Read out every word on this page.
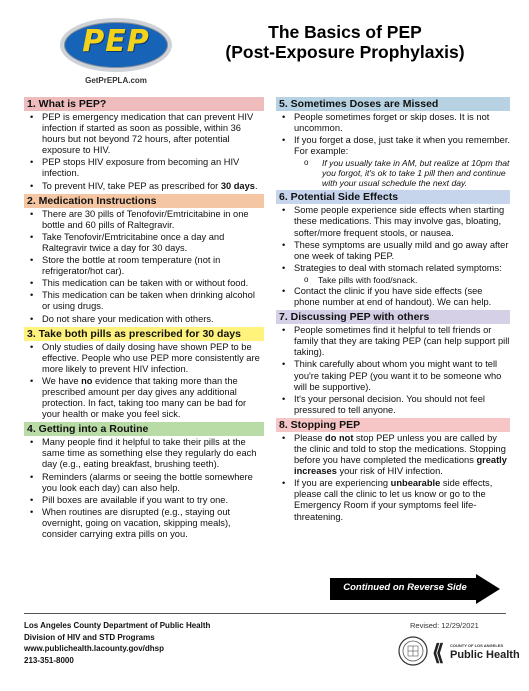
PEP
GetPrEPLA.com
The Basics of PEP
(Post-Exposure Prophylaxis)
1. What is PEP?
• PEP is emergency medication that can prevent HIV infection if started as soon as possible, within 36 hours but not beyond 72 hours, after potential exposure to HIV.
• PEP stops HIV exposure from becoming an HIV infection.
• To prevent HIV, take PEP as prescribed for 30 days.
2. Medication Instructions
• There are 30 pills of Tenofovir/Emtricitabine in one bottle and 60 pills of Raltegravir.
• Take Tenofovir/Emtricitabine once a day and Raltegravir twice a day for 30 days.
• Store the bottle at room temperature (not in refrigerator/hot car).
• This medication can be taken with or without food.
• This medication can be taken when drinking alcohol or using drugs.
• Do not share your medication with others.
3. Take both pills as prescribed for 30 days
• Only studies of daily dosing have shown PEP to be effective. People who use PEP more consistently are more likely to prevent HIV infection.
• We have no evidence that taking more than the prescribed amount per day gives any additional protection. In fact, taking too many can be bad for your health or make you feel sick.
4. Getting into a Routine
• Many people find it helpful to take their pills at the same time as something else they regularly do each day (e.g., eating breakfast, brushing teeth).
• Reminders (alarms or seeing the bottle somewhere you look each day) can also help.
• Pill boxes are available if you want to try one.
• When routines are disrupted (e.g., staying out overnight, going on vacation, skipping meals), consider carrying extra pills on you.
5. Sometimes Doses are Missed
• People sometimes forget or skip doses. It is not uncommon.
• If you forget a dose, just take it when you remember. For example:
o If you usually take in AM, but realize at 10pm that you forgot, it's ok to take 1 pill then and continue with your usual schedule the next day.
6. Potential Side Effects
• Some people experience side effects when starting these medications. This may involve gas, bloating, softer/more frequent stools, or nausea.
• These symptoms are usually mild and go away after one week of taking PEP.
• Strategies to deal with stomach related symptoms:
o Take pills with food/snack.
• Contact the clinic if you have side effects (see phone number at end of handout). We can help.
7. Discussing PEP with others
• People sometimes find it helpful to tell friends or family that they are taking PEP (can help support pill taking).
• Think carefully about whom you might want to tell you're taking PEP (you want it to be someone who will be supportive).
• It's your personal decision. You should not feel pressured to tell anyone.
8. Stopping PEP
• Please do not stop PEP unless you are called by the clinic and told to stop the medications. Stopping before you have completed the medications greatly increases your risk of HIV infection.
• If you are experiencing unbearable side effects, please call the clinic to let us know or go to the Emergency Room if your symptoms feel life-threatening.
Continued on Reverse Side
Los Angeles County Department of Public Health
Division of HIV and STD Programs
www.publichealth.lacounty.gov/dhsp
213-351-8000
Revised: 12/29/2021
⟪ COUNTY OF LOS ANGELES
Public Health
